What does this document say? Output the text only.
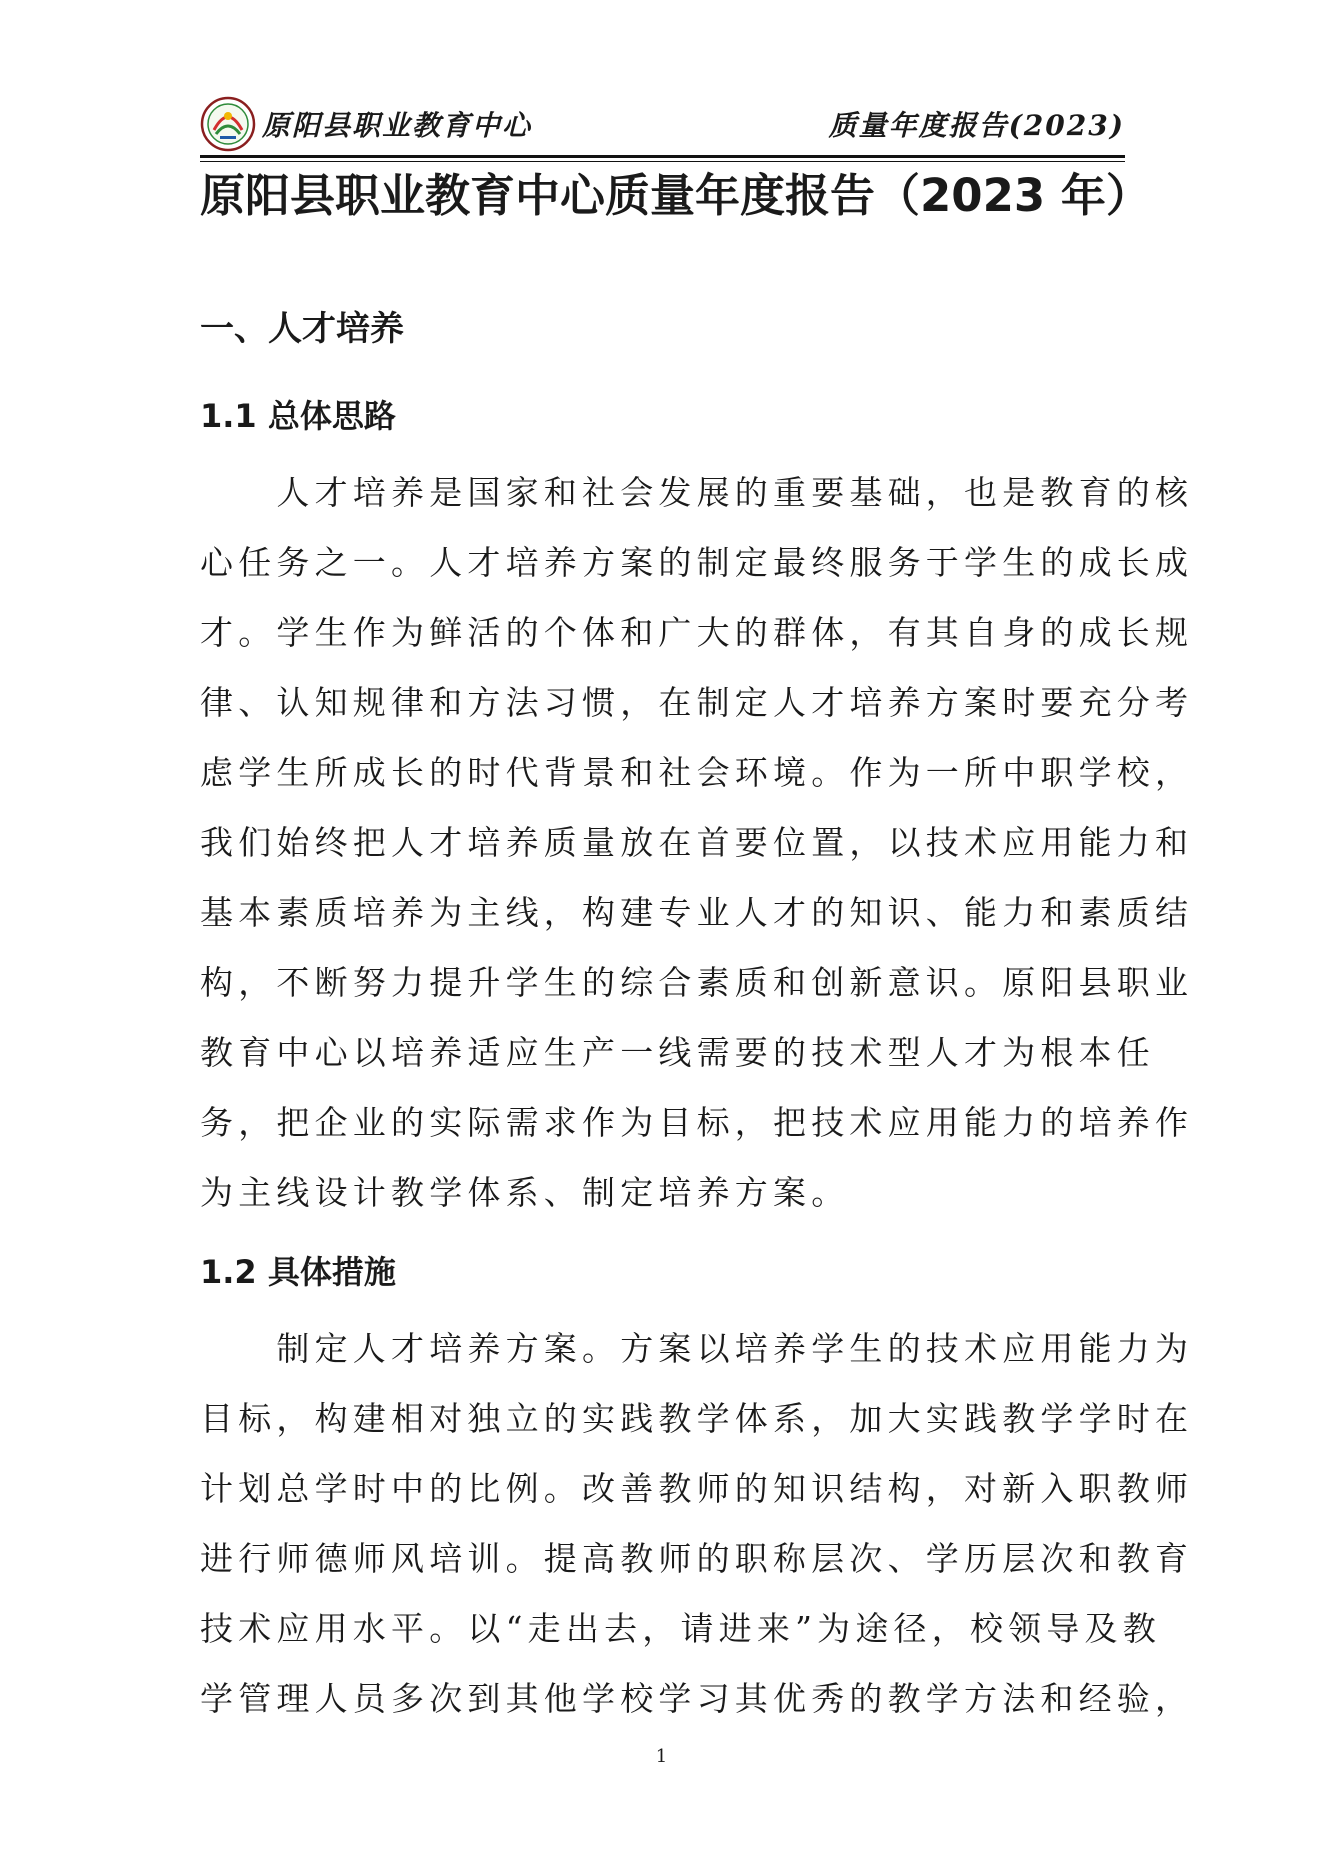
原阳县职业教育中心	质量年度报告(2023)
原阳县职业教育中心质量年度报告（2023 年）
一、人才培养
1.1 总体思路
　　人才培养是国家和社会发展的重要基础，也是教育的核
心任务之一。人才培养方案的制定最终服务于学生的成长成
才。学生作为鲜活的个体和广大的群体，有其自身的成长规
律、认知规律和方法习惯，在制定人才培养方案时要充分考
虑学生所成长的时代背景和社会环境。作为一所中职学校，
我们始终把人才培养质量放在首要位置，以技术应用能力和
基本素质培养为主线，构建专业人才的知识、能力和素质结
构，不断努力提升学生的综合素质和创新意识。原阳县职业
教育中心以培养适应生产一线需要的技术型人才为根本任
务，把企业的实际需求作为目标，把技术应用能力的培养作
为主线设计教学体系、制定培养方案。
1.2 具体措施
　　制定人才培养方案。方案以培养学生的技术应用能力为
目标，构建相对独立的实践教学体系，加大实践教学学时在
计划总学时中的比例。改善教师的知识结构，对新入职教师
进行师德师风培训。提高教师的职称层次、学历层次和教育
技术应用水平。以“走出去，请进来”为途径，校领导及教
学管理人员多次到其他学校学习其优秀的教学方法和经验，
1
